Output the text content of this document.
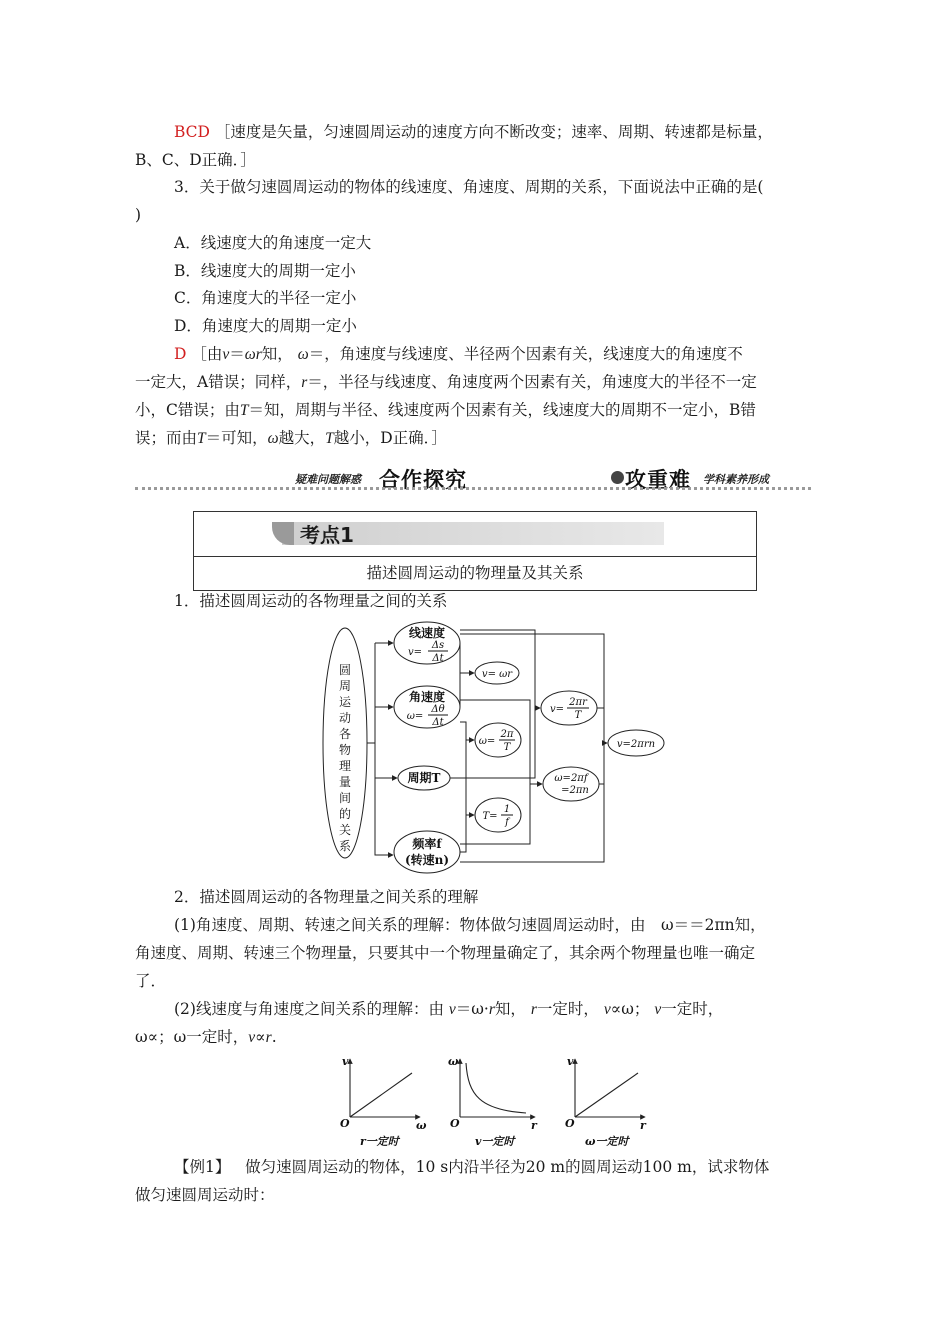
BCD ［速度是矢量，匀速圆周运动的速度方向不断改变；速率、周期、转速都是标量，
B、C、D正确．］
3．关于做匀速圆周运动的物体的线速度、角速度、周期的关系，下面说法中正确的是(
)
A．线速度大的角速度一定大
B．线速度大的周期一定小
C．角速度大的半径一定小
D．角速度大的周期一定小
D ［由v＝ωr知， ω＝，角速度与线速度、半径两个因素有关，线速度大的角速度不
一定大，A错误；同样，r＝，半径与线速度、角速度两个因素有关，角速度大的半径不一定
小，C错误；由T＝知，周期与半径、线速度两个因素有关，线速度大的周期不一定小，B错
误；而由T＝可知，ω越大，T越小，D正确．］
疑难问题解惑 合作探究	攻重难 学科素养形成
考点1
描述圆周运动的物理量及其关系
1．描述圆周运动的各物理量之间的关系
圆
周
运
动
各
物
理
量
间
的
关
系
线速度
v=
Δs
Δt
角速度
ω=
Δθ
Δt
周期T
频率f
(转速n)
v= ωr
ω=
2π
T
T=
1
f
v=
2πr
T
ω=2πf
=2πn
v=2πrn
2．描述圆周运动的各物理量之间关系的理解
(1)角速度、周期、转速之间关系的理解：物体做匀速圆周运动时，由　ω＝＝2πn知，
角速度、周期、转速三个物理量，只要其中一个物理量确定了，其余两个物理量也唯一确定
了．
(2)线速度与角速度之间关系的理解：由 v＝ω·r知， r一定时， v∝ω； v一定时，
ω∝；ω一定时，v∝r.
v
ω
O
r一定时
ω
r
O
v一定时
v
r
O
ω一定时
【例1】 做匀速圆周运动的物体，10 s内沿半径为20 m的圆周运动100 m，试求物体
做匀速圆周运动时：
